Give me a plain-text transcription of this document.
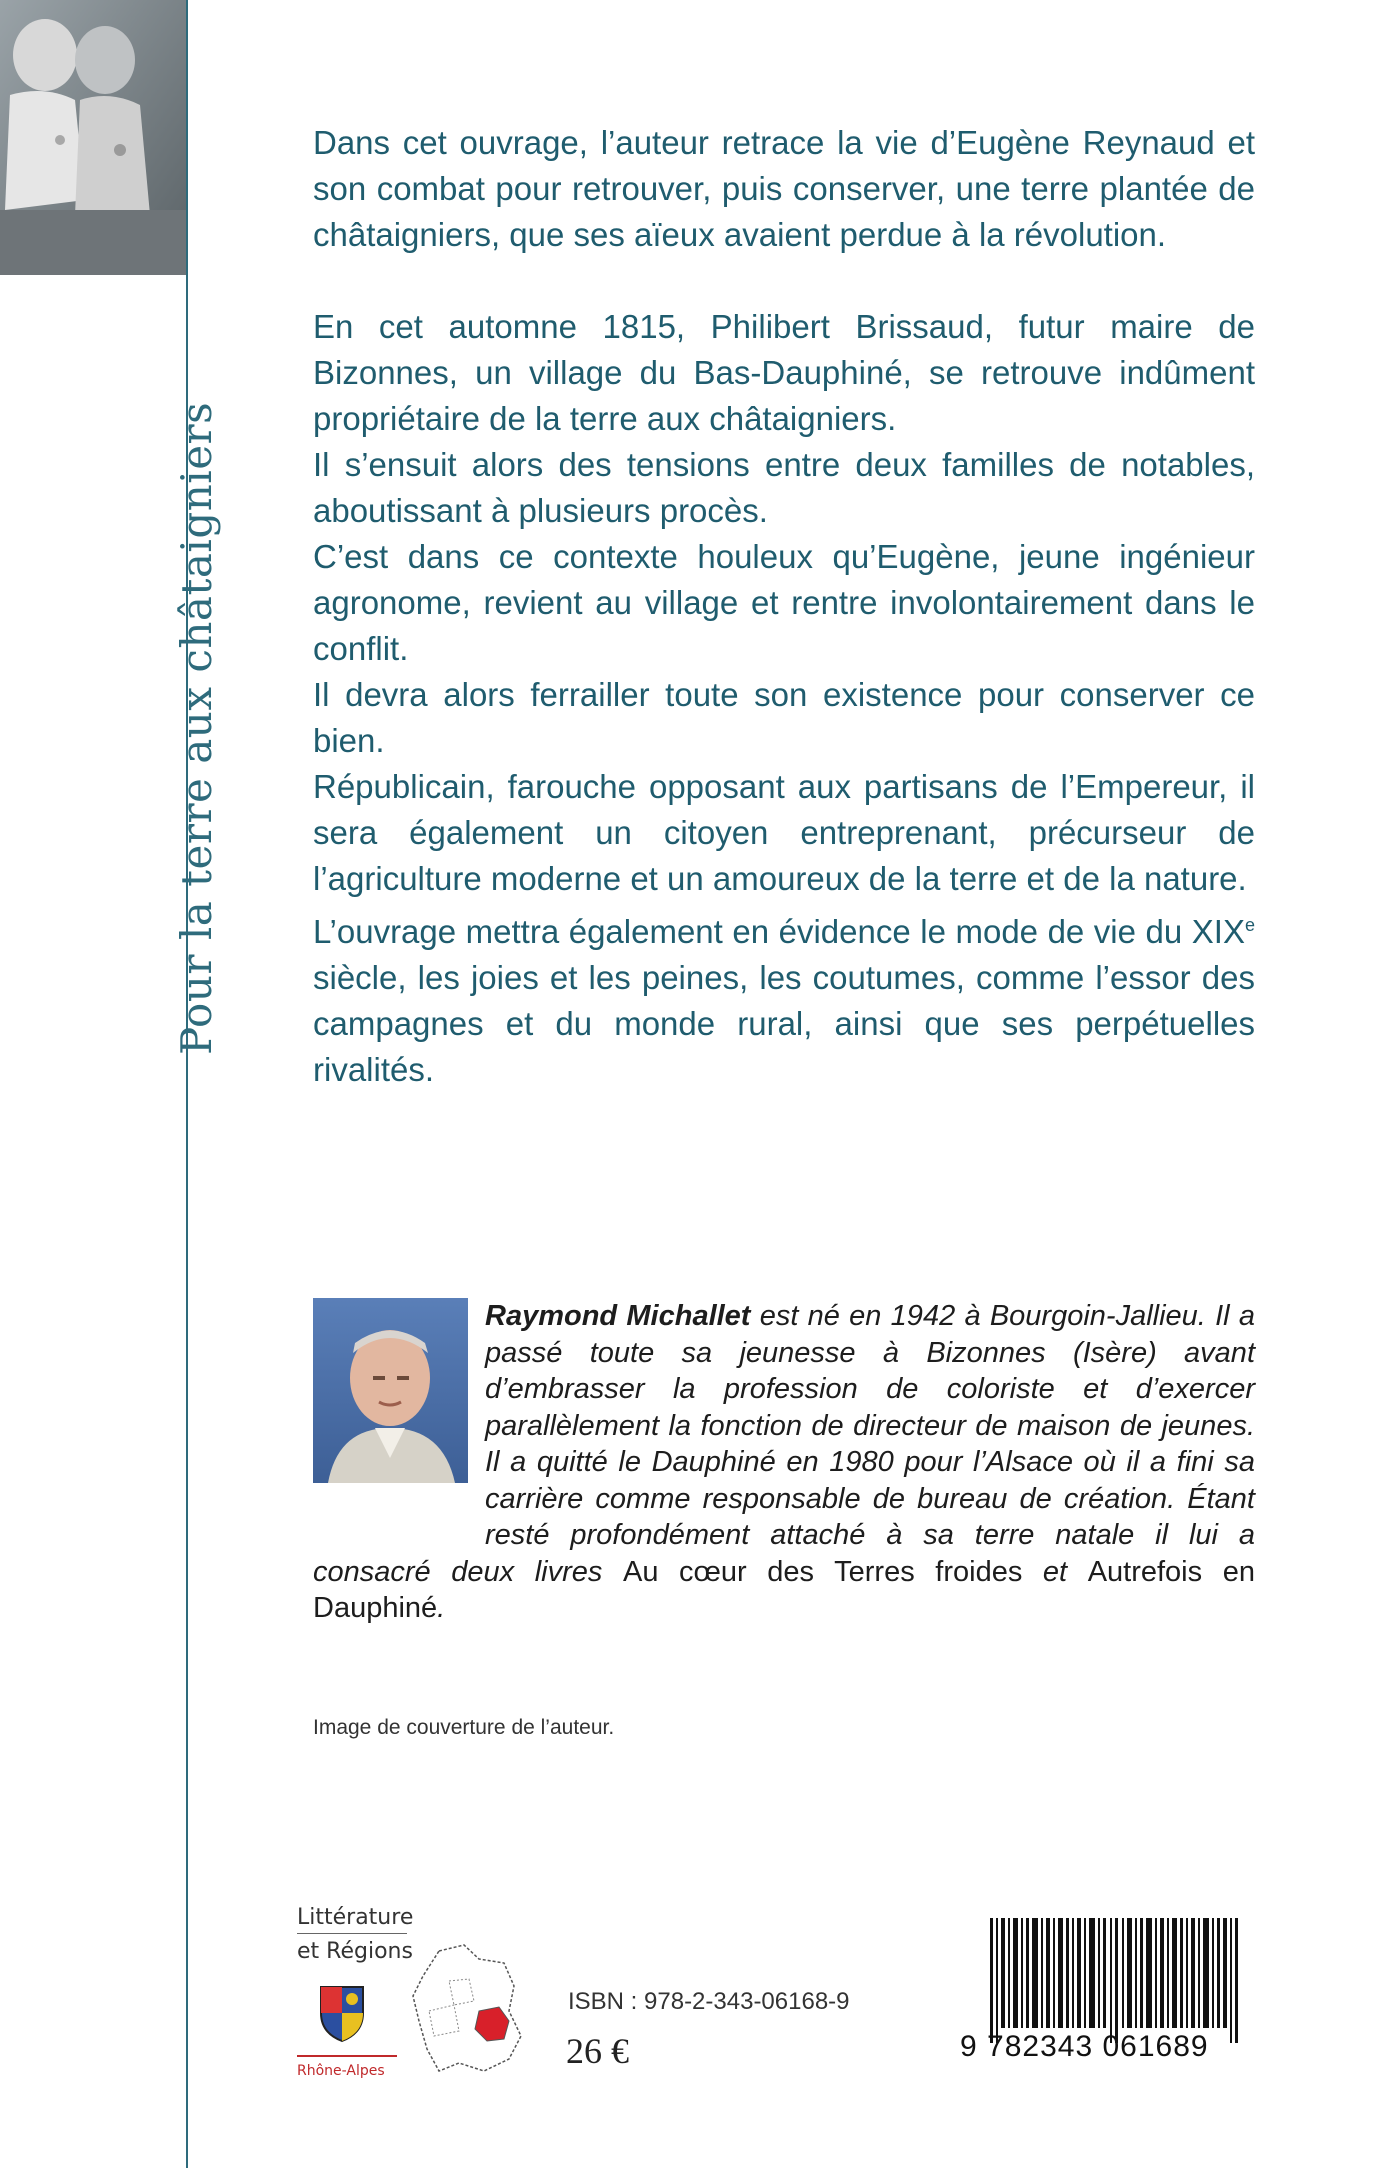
Pour la terre aux châtaigniers

Dans cet ouvrage, l’auteur retrace la vie d’Eugène Reynaud et son combat pour retrouver, puis conserver, une terre plantée de châtaigniers, que ses aïeux avaient perdue à la révolution.

En cet automne 1815, Philibert Brissaud, futur maire de Bizonnes, un village du Bas-Dauphiné, se retrouve indûment propriétaire de la terre aux châtaigniers.

Il s’ensuit alors des tensions entre deux familles de notables, aboutissant à plusieurs procès.

C’est dans ce contexte houleux qu’Eugène, jeune ingénieur agronome, revient au village et rentre involontairement dans le conflit.

Il devra alors ferrailler toute son existence pour conserver ce bien.

Républicain, farouche opposant aux partisans de l’Empereur, il sera également un citoyen entreprenant, précurseur de l’agriculture moderne et un amoureux de la terre et de la nature.

L’ouvrage mettra également en évidence le mode de vie du XIXe siècle, les joies et les peines, les coutumes, comme l’essor des campagnes et du monde rural, ainsi que ses perpétuelles rivalités.

Raymond Michallet est né en 1942 à Bourgoin-Jallieu. Il a passé toute sa jeunesse à Bizonnes (Isère) avant d’embrasser la profession de coloriste et d’exercer parallèlement la fonction de directeur de maison de jeunes. Il a quitté le Dauphiné en 1980 pour l’Alsace où il a fini sa carrière comme responsable de bureau de création. Étant resté profondément attaché à sa terre natale il lui a consacré deux livres Au cœur des Terres froides et Autrefois en Dauphiné.
Image de couverture de l’auteur.
Littérature
et Régions
Rhône-Alpes
ISBN : 978-2-343-06168-9
26 €	9 782343 061689
